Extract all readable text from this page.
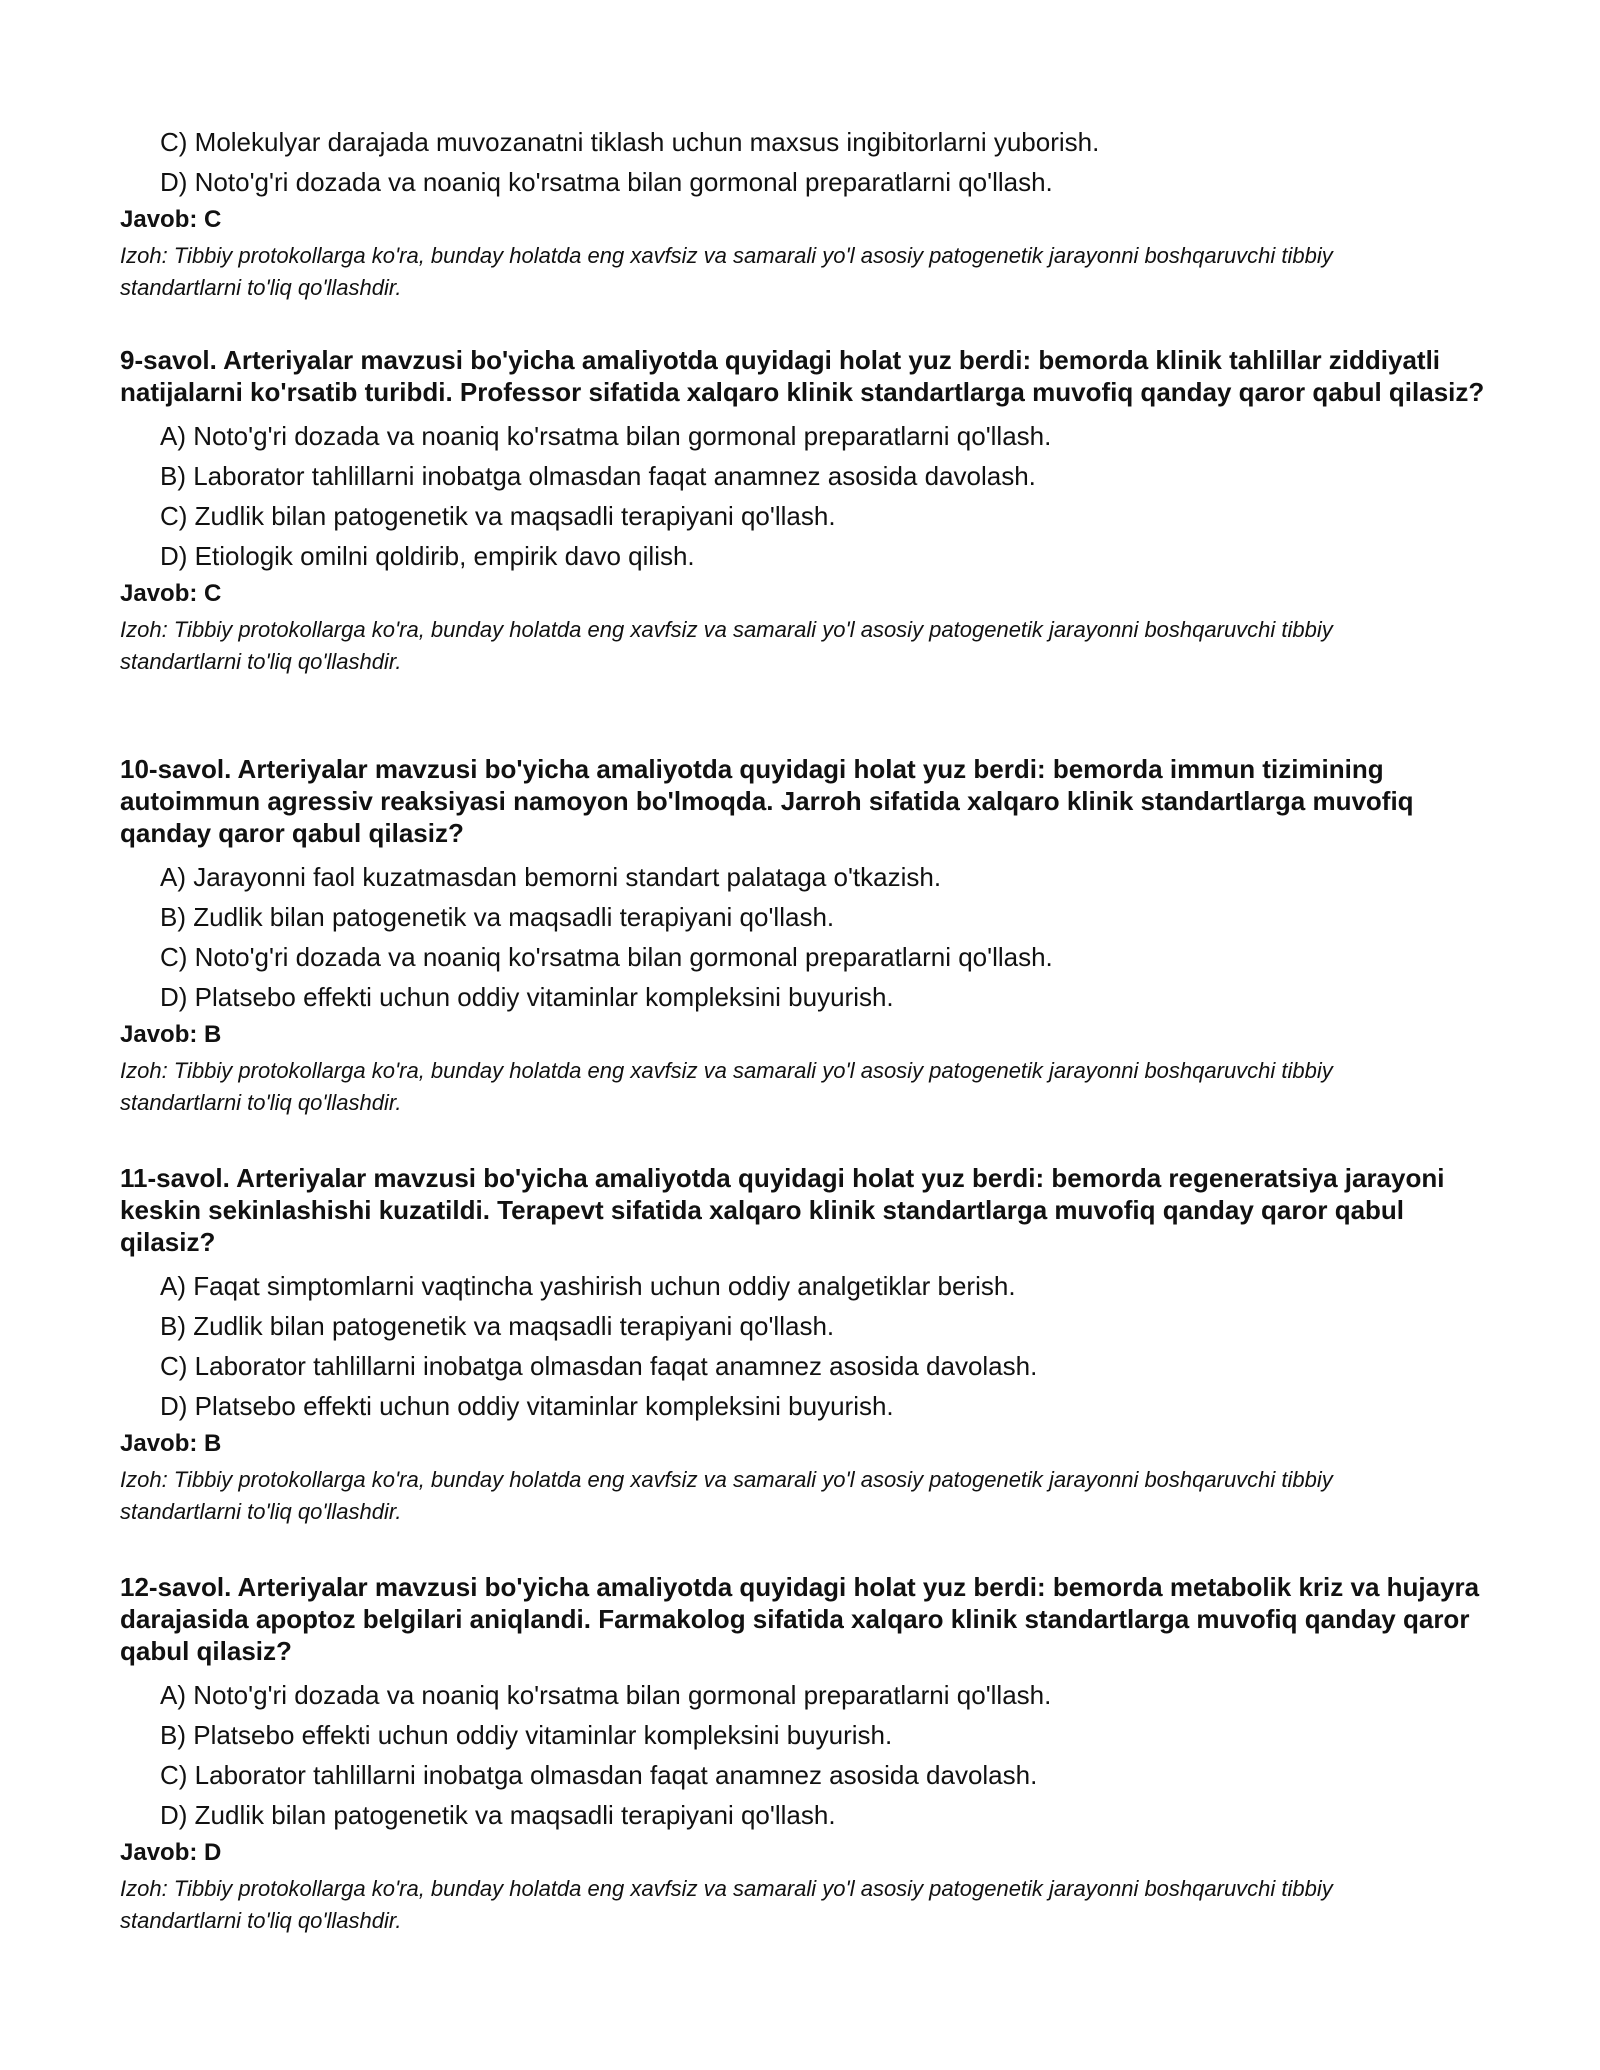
C) Molekulyar darajada muvozanatni tiklash uchun maxsus ingibitorlarni yuborish.
D) Noto'g'ri dozada va noaniq ko'rsatma bilan gormonal preparatlarni qo'llash.
Javob: C
Izoh: Tibbiy protokollarga ko'ra, bunday holatda eng xavfsiz va samarali yo'l asosiy patogenetik jarayonni boshqaruvchi tibbiy standartlarni to'liq qo'llashdir.
9-savol. Arteriyalar mavzusi bo'yicha amaliyotda quyidagi holat yuz berdi: bemorda klinik tahlillar ziddiyatli natijalarni ko'rsatib turibdi. Professor sifatida xalqaro klinik standartlarga muvofiq qanday qaror qabul qilasiz?
A) Noto'g'ri dozada va noaniq ko'rsatma bilan gormonal preparatlarni qo'llash.
B) Laborator tahlillarni inobatga olmasdan faqat anamnez asosida davolash.
C) Zudlik bilan patogenetik va maqsadli terapiyani qo'llash.
D) Etiologik omilni qoldirib, empirik davo qilish.
Javob: C
Izoh: Tibbiy protokollarga ko'ra, bunday holatda eng xavfsiz va samarali yo'l asosiy patogenetik jarayonni boshqaruvchi tibbiy standartlarni to'liq qo'llashdir.
10-savol. Arteriyalar mavzusi bo'yicha amaliyotda quyidagi holat yuz berdi: bemorda immun tizimining autoimmun agressiv reaksiyasi namoyon bo'lmoqda. Jarroh sifatida xalqaro klinik standartlarga muvofiq qanday qaror qabul qilasiz?
A) Jarayonni faol kuzatmasdan bemorni standart palataga o'tkazish.
B) Zudlik bilan patogenetik va maqsadli terapiyani qo'llash.
C) Noto'g'ri dozada va noaniq ko'rsatma bilan gormonal preparatlarni qo'llash.
D) Platsebo effekti uchun oddiy vitaminlar kompleksini buyurish.
Javob: B
Izoh: Tibbiy protokollarga ko'ra, bunday holatda eng xavfsiz va samarali yo'l asosiy patogenetik jarayonni boshqaruvchi tibbiy standartlarni to'liq qo'llashdir.
11-savol. Arteriyalar mavzusi bo'yicha amaliyotda quyidagi holat yuz berdi: bemorda regeneratsiya jarayoni keskin sekinlashishi kuzatildi. Terapevt sifatida xalqaro klinik standartlarga muvofiq qanday qaror qabul qilasiz?
A) Faqat simptomlarni vaqtincha yashirish uchun oddiy analgetiklar berish.
B) Zudlik bilan patogenetik va maqsadli terapiyani qo'llash.
C) Laborator tahlillarni inobatga olmasdan faqat anamnez asosida davolash.
D) Platsebo effekti uchun oddiy vitaminlar kompleksini buyurish.
Javob: B
Izoh: Tibbiy protokollarga ko'ra, bunday holatda eng xavfsiz va samarali yo'l asosiy patogenetik jarayonni boshqaruvchi tibbiy standartlarni to'liq qo'llashdir.
12-savol. Arteriyalar mavzusi bo'yicha amaliyotda quyidagi holat yuz berdi: bemorda metabolik kriz va hujayra darajasida apoptoz belgilari aniqlandi. Farmakolog sifatida xalqaro klinik standartlarga muvofiq qanday qaror qabul qilasiz?
A) Noto'g'ri dozada va noaniq ko'rsatma bilan gormonal preparatlarni qo'llash.
B) Platsebo effekti uchun oddiy vitaminlar kompleksini buyurish.
C) Laborator tahlillarni inobatga olmasdan faqat anamnez asosida davolash.
D) Zudlik bilan patogenetik va maqsadli terapiyani qo'llash.
Javob: D
Izoh: Tibbiy protokollarga ko'ra, bunday holatda eng xavfsiz va samarali yo'l asosiy patogenetik jarayonni boshqaruvchi tibbiy standartlarni to'liq qo'llashdir.
